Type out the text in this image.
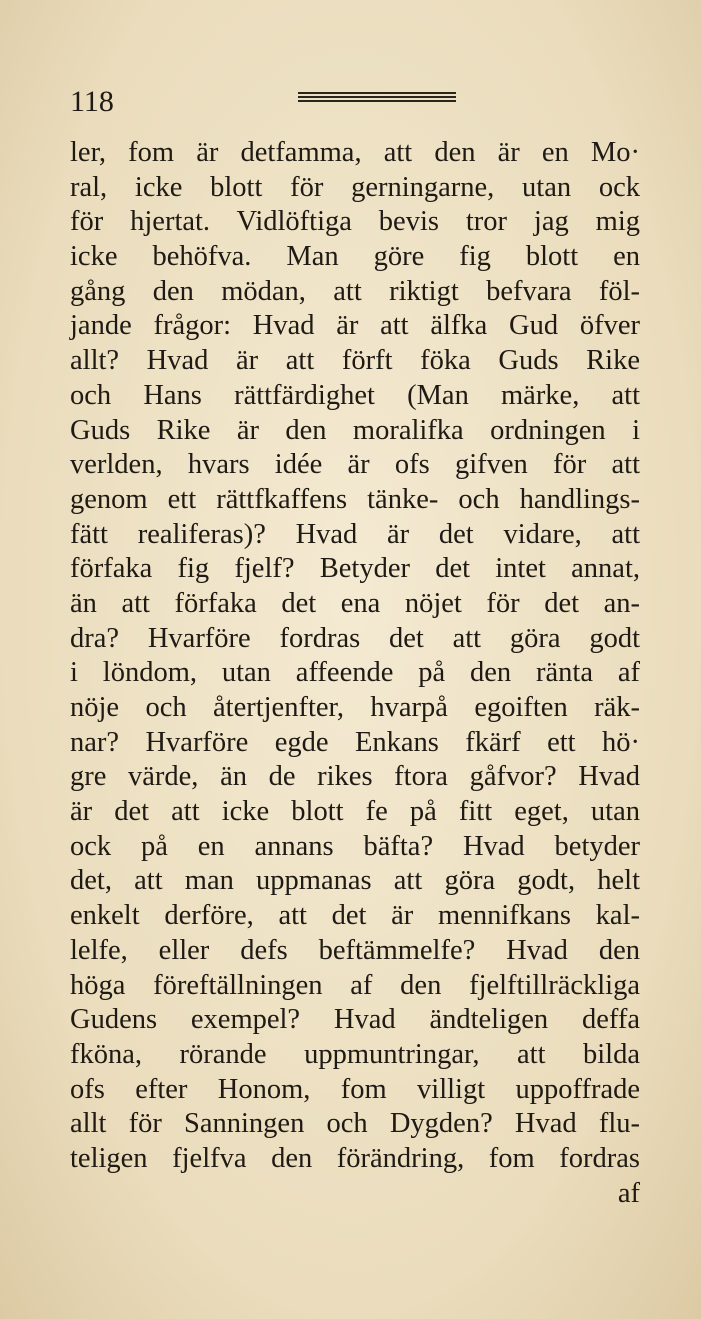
118
ler, fom är detfamma, att den är en Mo·
ral, icke blott för gerningarne, utan ock
för hjertat. Vidlöftiga bevis tror jag mig
icke behöfva. Man göre fig blott en
gång den mödan, att riktigt befvara föl-
jande frågor: Hvad är att älfka Gud öfver
allt? Hvad är att förft föka Guds Rike
och Hans rättfärdighet (Man märke, att
Guds Rike är den moralifka ordningen i
verlden, hvars idée är ofs gifven för att
genom ett rättfkaffens tänke- och handlings-
fätt realiferas)? Hvad är det vidare, att
förfaka fig fjelf? Betyder det intet annat,
än att förfaka det ena nöjet för det an-
dra? Hvarföre fordras det att göra godt
i löndom, utan affeende på den ränta af
nöje och återtjenfter, hvarpå egoiften räk-
nar? Hvarföre egde Enkans fkärf ett hö·
gre värde, än de rikes ftora gåfvor? Hvad
är det att icke blott fe på fitt eget, utan
ock på en annans bäfta? Hvad betyder
det, att man uppmanas att göra godt, helt
enkelt derföre, att det är mennifkans kal-
lelfe, eller defs beftämmelfe? Hvad den
höga föreftällningen af den fjelftillräckliga
Gudens exempel? Hvad ändteligen deffa
fköna, rörande uppmuntringar, att bilda
ofs efter Honom, fom villigt uppoffrade
allt för Sanningen och Dygden? Hvad flu-
teligen fjelfva den förändring, fom fordras
af
